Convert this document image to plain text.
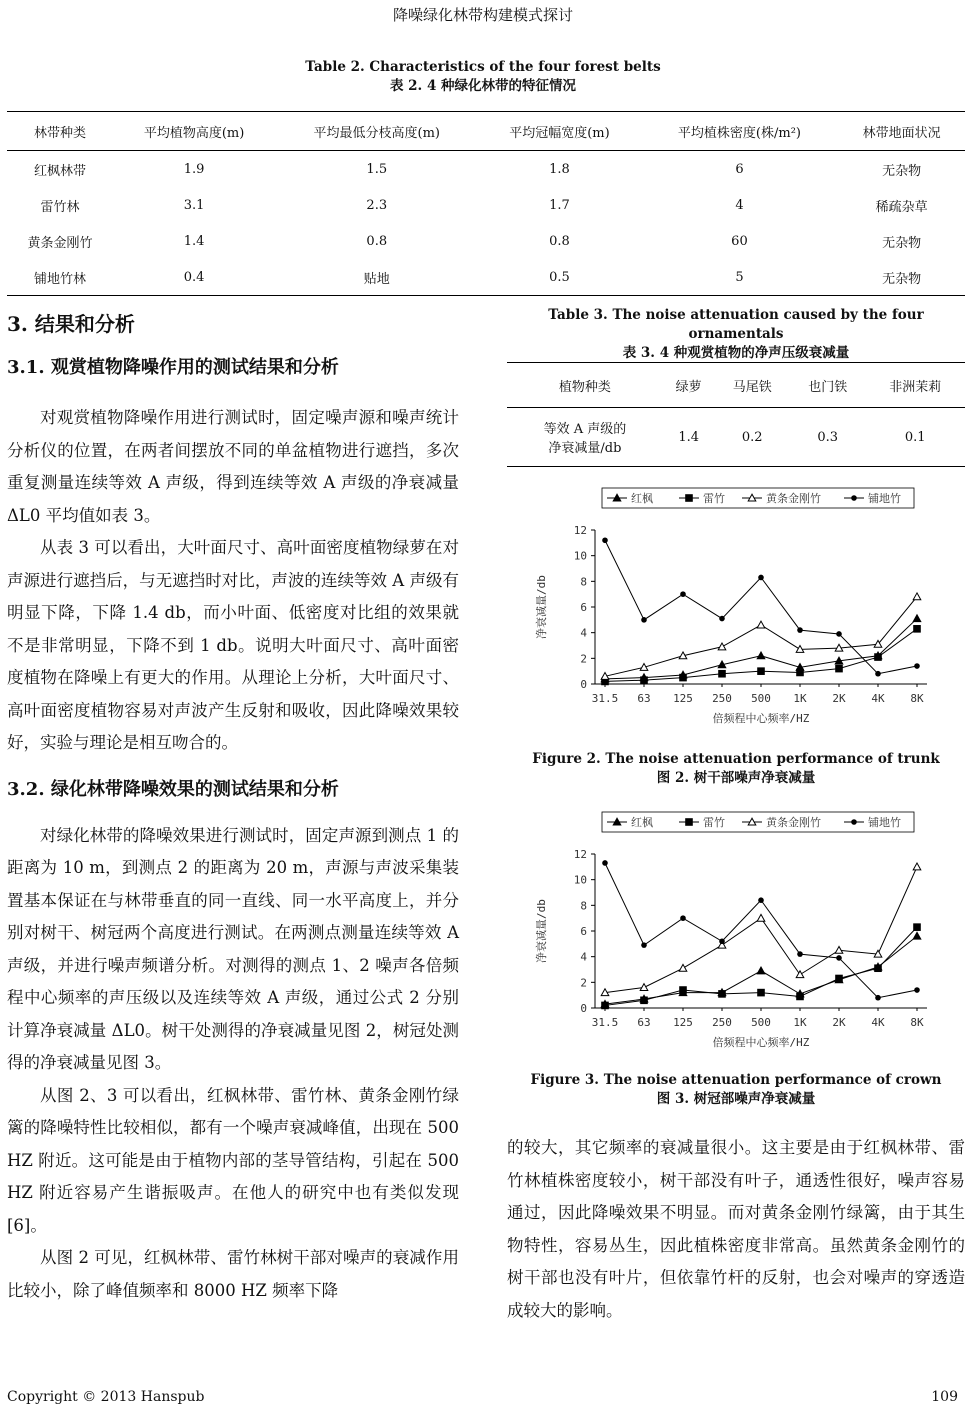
降噪绿化林带构建模式探讨
Table 2. Characteristics of the four forest belts
表 2. 4 种绿化林带的特征情况
林带种类	平均植物高度(m)	平均最低分枝高度(m)	平均冠幅宽度(m)	平均植株密度(株/m²)	林带地面状况
红枫林带	1.9	1.5	1.8	6	无杂物
雷竹林	3.1	2.3	1.7	4	稀疏杂草
黄条金刚竹	1.4	0.8	0.8	60	无杂物
铺地竹林	0.4	贴地	0.5	5	无杂物
3. 结果和分析
3.1. 观赏植物降噪作用的测试结果和分析

对观赏植物降噪作用进行测试时，固定噪声源和噪声统计分析仪的位置，在两者间摆放不同的单盆植物进行遮挡，多次重复测量连续等效 A 声级，得到连续等效 A 声级的净衰减量 ΔL0 平均值如表 3。

从表 3 可以看出，大叶面尺寸、高叶面密度植物绿萝在对声源进行遮挡后，与无遮挡时对比，声波的连续等效 A 声级有明显下降，下降 1.4 db，而小叶面、低密度对比组的效果就不是非常明显，下降不到 1 db。说明大叶面尺寸、高叶面密度植物在降噪上有更大的作用。从理论上分析，大叶面尺寸、高叶面密度植物容易对声波产生反射和吸收，因此降噪效果较好，实验与理论是相互吻合的。

3.2. 绿化林带降噪效果的测试结果和分析

对绿化林带的降噪效果进行测试时，固定声源到测点 1 的距离为 10 m，到测点 2 的距离为 20 m，声源与声波采集装置基本保证在与林带垂直的同一直线、同一水平高度上，并分别对树干、树冠两个高度进行测试。在两测点测量连续等效 A 声级，并进行噪声频谱分析。对测得的测点 1、2 噪声各倍频程中心频率的声压级以及连续等效 A 声级，通过公式 2 分别计算净衰减量 ΔL0。树干处测得的净衰减量见图 2，树冠处测得的净衰减量见图 3。

从图 2、3 可以看出，红枫林带、雷竹林、黄条金刚竹绿篱的降噪特性比较相似，都有一个噪声衰减峰值，出现在 500 HZ 附近。这可能是由于植物内部的茎导管结构，引起在 500 HZ 附近容易产生谐振吸声。在他人的研究中也有类似发现[6]。

从图 2 可见，红枫林带、雷竹林树干部对噪声的衰减作用比较小，除了峰值频率和 8000 HZ 频率下降

Table 3. The noise attenuation caused by the four ornamentals
表 3. 4 种观赏植物的净声压级衰减量
植物种类	绿萝	马尾铁	也门铁	非洲茉莉

等效 A 声级的
净衰减量/db	1.4	0.2	0.3	0.1
红枫	雷竹	黄条金刚竹	铺地竹
0
2
4
6
8
10
12
31.5 63 125 250 500 1K 2K 4K 8K
倍频程中心频率/HZ
净衰减量/db
Figure 2. The noise attenuation performance of trunk
图 2. 树干部噪声净衰减量
红枫	雷竹	黄条金刚竹	铺地竹
0
2
4
6
8
10
12
31.5 63 125 250 500 1K 2K 4K 8K
倍频程中心频率/HZ
净衰减量/db
Figure 3. The noise attenuation performance of crown
图 3. 树冠部噪声净衰减量

的较大，其它频率的衰减量很小。这主要是由于红枫林带、雷竹林植株密度较小，树干部没有叶子，通透性很好，噪声容易通过，因此降噪效果不明显。而对黄条金刚竹绿篱，由于其生物特性，容易丛生，因此植株密度非常高。虽然黄条金刚竹的树干部也没有叶片，但依靠竹杆的反射，也会对噪声的穿透造成较大的影响。

Copyright © 2013 Hanspub	109
